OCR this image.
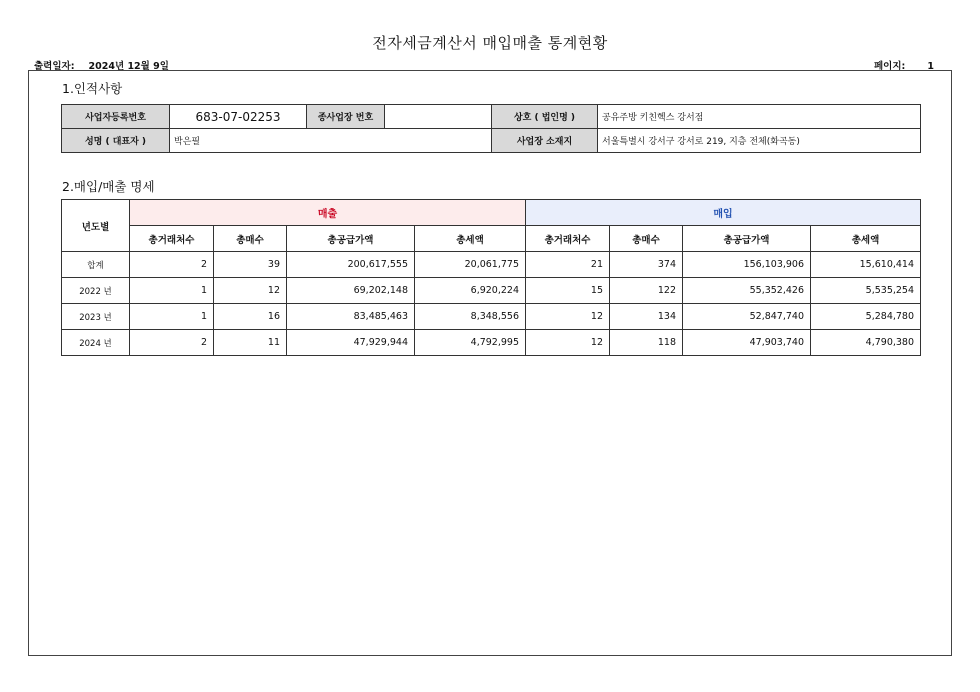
전자세금계산서 매입매출 통계현황
출력일자: 2024년 12월 9일	페이지: 1
1.인적사항
사업자등록번호	683-07-02253	종사업장 번호		상호 ( 법인명 )	공유주방 키친헥스 강서점
성명 ( 대표자 )	박은필			사업장 소재지	서울특별시 강서구 강서로 219, 지층 전체(화곡동)
2.매입/매출 명세
년도별	매출				매입			
	총거래처수	총매수	총공급가액	총세액	총거래처수	총매수	총공급가액	총세액
합계	2	39	200,617,555	20,061,775	21	374	156,103,906	15,610,414
2022 년	1	12	69,202,148	6,920,224	15	122	55,352,426	5,535,254
2023 년	1	16	83,485,463	8,348,556	12	134	52,847,740	5,284,780
2024 년	2	11	47,929,944	4,792,995	12	118	47,903,740	4,790,380
